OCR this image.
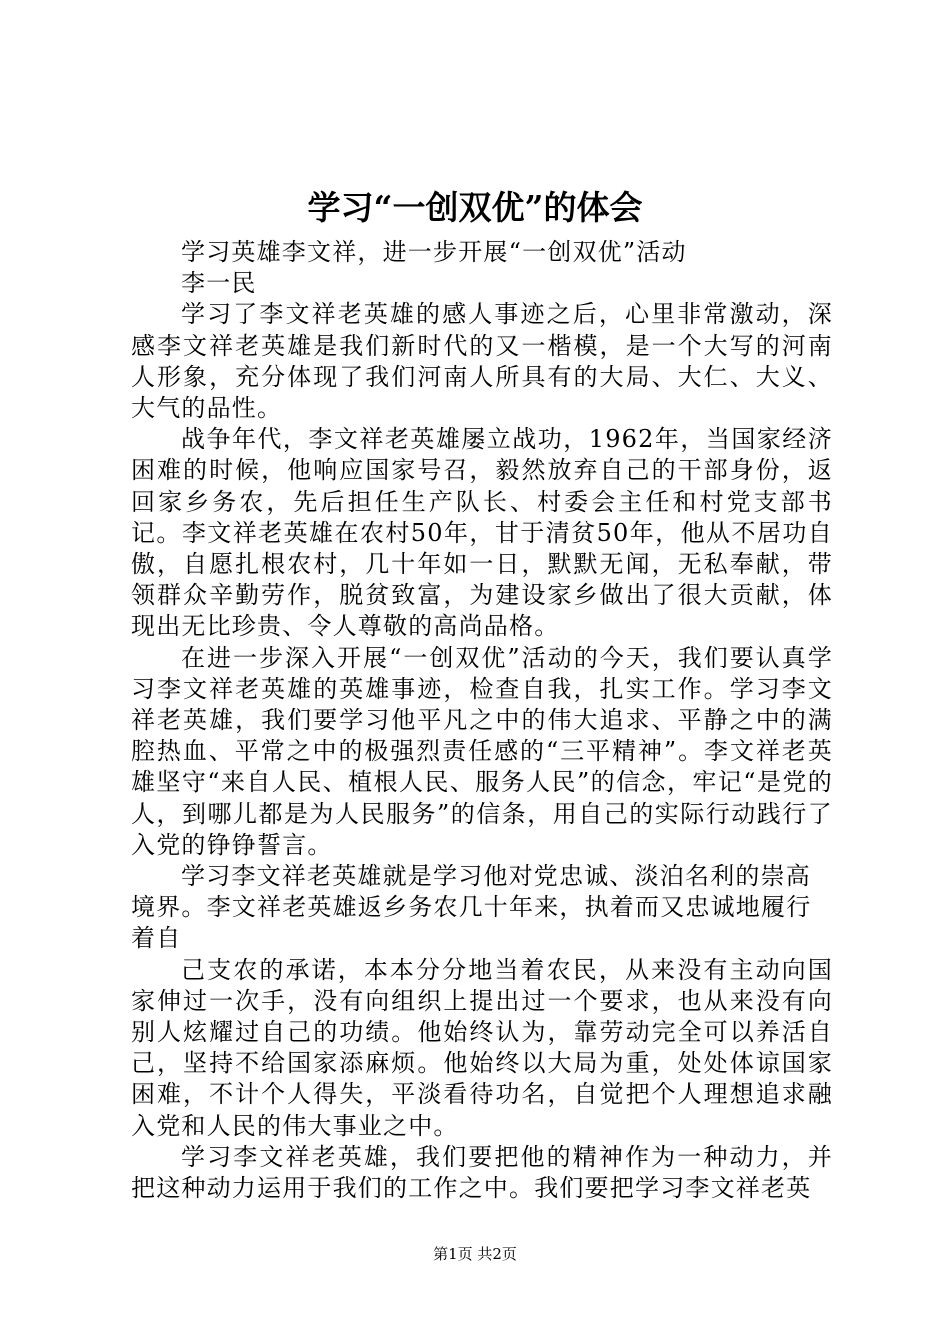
学习“一创双优”的体会

学习英雄李文祥，进一步开展“一创双优”活动

李一民

学习了李文祥老英雄的感人事迹之后，心里非常激动，深感李文祥老英雄是我们新时代的又一楷模，是一个大写的河南人形象，充分体现了我们河南人所具有的大局、大仁、大义、大气的品性。

战争年代，李文祥老英雄屡立战功，1962年，当国家经济困难的时候，他响应国家号召，毅然放弃自己的干部身份，返回家乡务农，先后担任生产队长、村委会主任和村党支部书记。李文祥老英雄在农村50年，甘于清贫50年，他从不居功自傲，自愿扎根农村，几十年如一日，默默无闻，无私奉献，带领群众辛勤劳作，脱贫致富，为建设家乡做出了很大贡献，体现出无比珍贵、令人尊敬的高尚品格。

在进一步深入开展“一创双优”活动的今天，我们要认真学习李文祥老英雄的英雄事迹，检查自我，扎实工作。学习李文祥老英雄，我们要学习他平凡之中的伟大追求、平静之中的满腔热血、平常之中的极强烈责任感的“三平精神”。李文祥老英雄坚守“来自人民、植根人民、服务人民”的信念，牢记“是党的人，到哪儿都是为人民服务”的信条，用自己的实际行动践行了入党的铮铮誓言。

学习李文祥老英雄就是学习他对党忠诚、淡泊名利的崇高境界。李文祥老英雄返乡务农几十年来，执着而又忠诚地履行着自

己支农的承诺，本本分分地当着农民，从来没有主动向国家伸过一次手，没有向组织上提出过一个要求，也从来没有向别人炫耀过自己的功绩。他始终认为，靠劳动完全可以养活自己，坚持不给国家添麻烦。他始终以大局为重，处处体谅国家困难，不计个人得失，平淡看待功名，自觉把个人理想追求融入党和人民的伟大事业之中。

学习李文祥老英雄，我们要把他的精神作为一种动力，并把这种动力运用于我们的工作之中。我们要把学习李文祥老英

第1页 共2页
